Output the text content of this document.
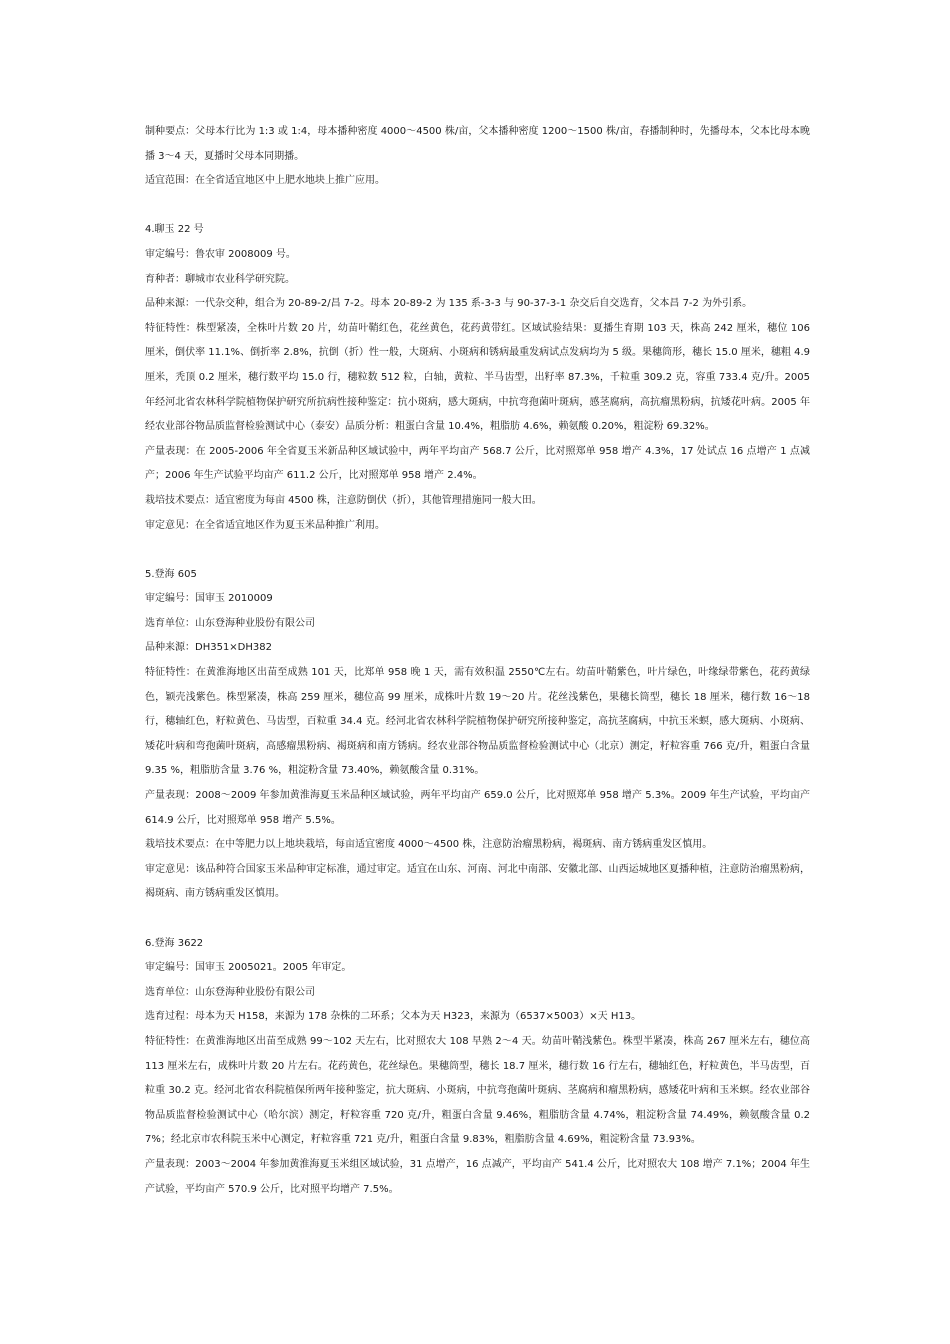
制种要点：父母本行比为 1:3 或 1:4，母本播种密度 4000～4500 株/亩，父本播种密度 1200～1500 株/亩，春播制种时，先播母本，父本比母本晚播 3～4 天，夏播时父母本同期播。

适宜范围：在全省适宜地区中上肥水地块上推广应用。

4.聊玉 22 号

审定编号：鲁农审 2008009 号。

育种者：聊城市农业科学研究院。

品种来源：一代杂交种，组合为 20-89-2/昌 7-2。母本 20-89-2 为 135 系-3-3 与 90-37-3-1 杂交后自交选育，父本昌 7-2 为外引系。

特征特性：株型紧凑，全株叶片数 20 片，幼苗叶鞘红色，花丝黄色，花药黄带红。区域试验结果：夏播生育期 103 天，株高 242 厘米，穗位 106 厘米，倒伏率 11.1%、倒折率 2.8%，抗倒（折）性一般，大斑病、小斑病和锈病最重发病试点发病均为 5 级。果穗筒形，穗长 15.0 厘米，穗粗 4.9 厘米，秃顶 0.2 厘米，穗行数平均 15.0 行，穗粒数 512 粒，白轴，黄粒、半马齿型，出籽率 87.3%，千粒重 309.2 克，容重 733.4 克/升。2005 年经河北省农林科学院植物保护研究所抗病性接种鉴定：抗小斑病，感大斑病，中抗弯孢菌叶斑病，感茎腐病，高抗瘤黑粉病，抗矮花叶病。2005 年经农业部谷物品质监督检验测试中心（泰安）品质分析：粗蛋白含量 10.4%，粗脂肪 4.6%，赖氨酸 0.20%，粗淀粉 69.32%。

产量表现：在 2005-2006 年全省夏玉米新品种区域试验中，两年平均亩产 568.7 公斤，比对照郑单 958 增产 4.3%，17 处试点 16 点增产 1 点减产；2006 年生产试验平均亩产 611.2 公斤，比对照郑单 958 增产 2.4%。

栽培技术要点：适宜密度为每亩 4500 株，注意防倒伏（折），其他管理措施同一般大田。

审定意见：在全省适宜地区作为夏玉米品种推广利用。

5.登海 605

审定编号：国审玉 2010009

选育单位：山东登海种业股份有限公司

品种来源：DH351×DH382

特征特性：在黄淮海地区出苗至成熟 101 天，比郑单 958 晚 1 天，需有效积温 2550℃左右。幼苗叶鞘紫色，叶片绿色，叶缘绿带紫色，花药黄绿色，颖壳浅紫色。株型紧凑，株高 259 厘米，穗位高 99 厘米，成株叶片数 19～20 片。花丝浅紫色，果穗长筒型，穗长 18 厘米，穗行数 16～18 行，穗轴红色，籽粒黄色、马齿型，百粒重 34.4 克。经河北省农林科学院植物保护研究所接种鉴定，高抗茎腐病，中抗玉米螟，感大斑病、小斑病、矮花叶病和弯孢菌叶斑病，高感瘤黑粉病、褐斑病和南方锈病。经农业部谷物品质监督检验测试中心（北京）测定，籽粒容重 766 克/升，粗蛋白含量 9.35 %，粗脂肪含量 3.76 %，粗淀粉含量 73.40%，赖氨酸含量 0.31%。

产量表现：2008～2009 年参加黄淮海夏玉米品种区域试验，两年平均亩产 659.0 公斤，比对照郑单 958 增产 5.3%。2009 年生产试验，平均亩产 614.9 公斤，比对照郑单 958 增产 5.5%。

栽培技术要点：在中等肥力以上地块栽培，每亩适宜密度 4000～4500 株，注意防治瘤黑粉病，褐斑病、南方锈病重发区慎用。

审定意见：该品种符合国家玉米品种审定标准，通过审定。适宜在山东、河南、河北中南部、安徽北部、山西运城地区夏播种植，注意防治瘤黑粉病，褐斑病、南方锈病重发区慎用。

6.登海 3622

审定编号：国审玉 2005021。2005 年审定。

选育单位：山东登海种业股份有限公司

选育过程：母本为天 H158，来源为 178 杂株的二环系；父本为天 H323，来源为（6537×5003）×天 H13。

特征特性：在黄淮海地区出苗至成熟 99～102 天左右，比对照农大 108 早熟 2～4 天。幼苗叶鞘浅紫色。株型半紧凑，株高 267 厘米左右，穗位高 113 厘米左右，成株叶片数 20 片左右。花药黄色，花丝绿色。果穗筒型，穗长 18.7 厘米，穗行数 16 行左右，穗轴红色，籽粒黄色，半马齿型，百粒重 30.2 克。经河北省农科院植保所两年接种鉴定，抗大斑病、小斑病，中抗弯孢菌叶斑病、茎腐病和瘤黑粉病，感矮花叶病和玉米螟。经农业部谷物品质监督检验测试中心（哈尔滨）测定，籽粒容重 720 克/升，粗蛋白含量 9.46%，粗脂肪含量 4.74%，粗淀粉含量 74.49%，赖氨酸含量 0.27%；经北京市农科院玉米中心测定，籽粒容重 721 克/升，粗蛋白含量 9.83%，粗脂肪含量 4.69%，粗淀粉含量 73.93%。

产量表现：2003～2004 年参加黄淮海夏玉米组区域试验，31 点增产，16 点减产，平均亩产 541.4 公斤，比对照农大 108 增产 7.1%；2004 年生产试验，平均亩产 570.9 公斤，比对照平均增产 7.5%。
